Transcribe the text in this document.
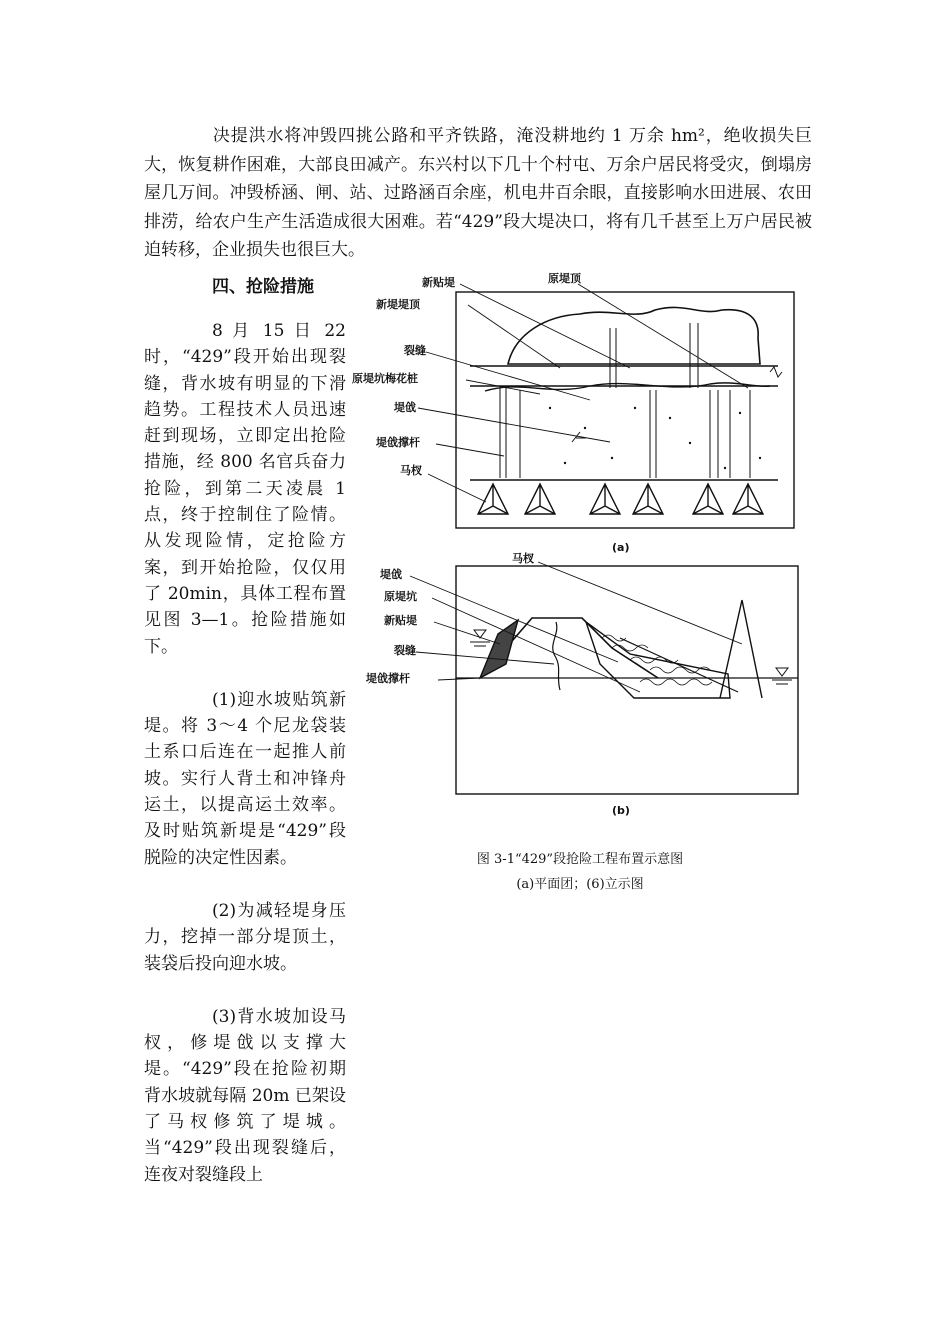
决提洪水将冲毁四挑公路和平齐铁路，淹没耕地约 1 万余 hm²，绝收损失巨大，恢复耕作困难，大部良田减产。东兴村以下几十个村屯、万余户居民将受灾，倒塌房屋几万间。冲毁桥涵、闸、站、过路涵百余座，机电井百余眼，直接影响水田进展、农田排涝，给农户生产生活造成很大困难。若“429”段大堤决口，将有几千甚至上万户居民被迫转移，企业损失也很巨大。

四、抢险措施

8 月 15 日 22 时，“429”段开始出现裂缝，背水坡有明显的下滑趋势。工程技术人员迅速赶到现场，立即定出抢险措施，经 800 名官兵奋力抢险，到第二天凌晨 1 点，终于控制住了险情。从发现险情，定抢险方案，到开始抢险，仅仅用了 20min，具体工程布置见图 3—1。抢险措施如下。

(1)迎水坡贴筑新堤。将 3～4 个尼龙袋装土系口后连在一起推人前坡。实行人背土和冲锋舟运土，以提高运土效率。及时贴筑新堤是“429”段脱险的决定性因素。

(2)为减轻堤身压力，挖掉一部分堤顶土，装袋后投向迎水坡。

(3)背水坡加设马杈，修堤戗以支撑大堤。“429”段在抢险初期背水坡就每隔 20m 已架设了马杈修筑了堤城。当“429”段出现裂缝后，连夜对裂缝段上

新贴堤	原堤顶
新堤堤顶
裂缝
原堤坑梅花桩
堤戗
堤戗撑杆
马杈
(a)
马杈
堤戗
原堤坑
新贴堤
裂缝
堤戗撑杆
(b)

图 3-1“429”段抢险工程布置示意图

(a)平面团；(6)立示图
